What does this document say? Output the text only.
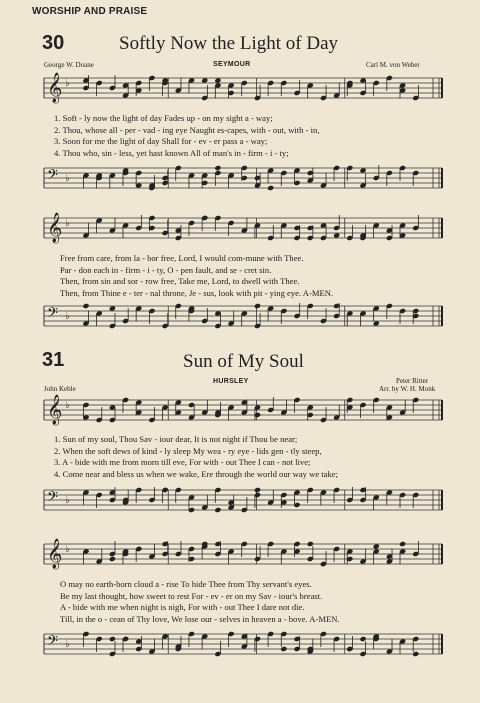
WORSHIP AND PRAISE
30	Softly Now the Light of Day
George W. Doane	SEYMOUR	Carl M. von Weber
𝄞 ♭
1. Soft - ly now the light of day Fades up - on my sight a - way;
2. Thou, whose all - per - vad - ing eye Naught es-capes, with - out, with - in,
3. Soon for me the light of day Shall for - ev - er pass a - way;
4. Thou who, sin - less, yet hast known All of man's in - firm - i - ty;
𝄢 ♭
𝄞 ♭
Free from care, from la - bor free, Lord, I would com-mune with Thee.
Par - don each in - firm - i - ty, O - pen fault, and se - cret sin.
Then, from sin and sor - row free, Take me, Lord, to dwell with Thee.
Then, from Thine e - ter - nal throne, Je - sus, look with pit - ying eye. A-MEN.
𝄢 ♭
31	Sun of My Soul
HURSLEY	Peter Ritter
John Keble	Arr. by W. H. Monk
𝄞 ♭
1. Sun of my soul, Thou Sav - iour dear, It is not night if Thou be near;
2. When the soft dews of kind - ly sleep My wea - ry eye - lids gen - tly steep,
3. A - bide with me from morn till eve, For with - out Thee I can - not live;
4. Come near and bless us when we wake, Ere through the world our way we take;
𝄢 ♭
𝄞 ♭
O may no earth-born cloud a - rise To hide Thee from Thy servant's eyes.
Be my last thought, how sweet to rest For - ev - er on my Sav - iour's breast.
A - bide with me when night is nigh, For with - out Thee I dare not die.
Till, in the o - cean of Thy love, We lose our - selves in heaven a - bove. A-MEN.
𝄢 ♭
